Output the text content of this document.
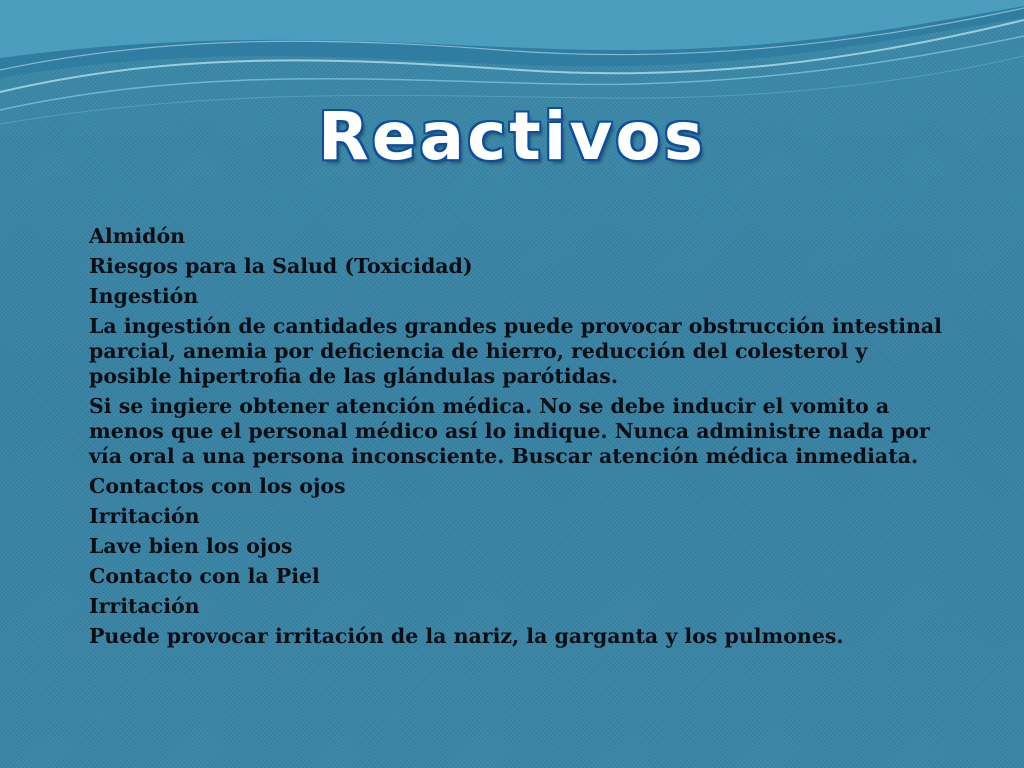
Reactivos
Almidón
Riesgos para la Salud (Toxicidad)
Ingestión
La ingestión de cantidades grandes puede provocar obstrucción intestinal parcial, anemia por deficiencia de hierro, reducción del colesterol y posible hipertrofia de las glándulas parótidas.
Si se ingiere obtener atención médica. No se debe inducir el vomito a menos que el personal médico así lo indique. Nunca administre nada por vía oral a una persona inconsciente. Buscar atención médica inmediata.
Contactos con los ojos
Irritación
Lave bien los ojos
Contacto con la Piel
Irritación
Puede provocar irritación de la nariz, la garganta y los pulmones.
